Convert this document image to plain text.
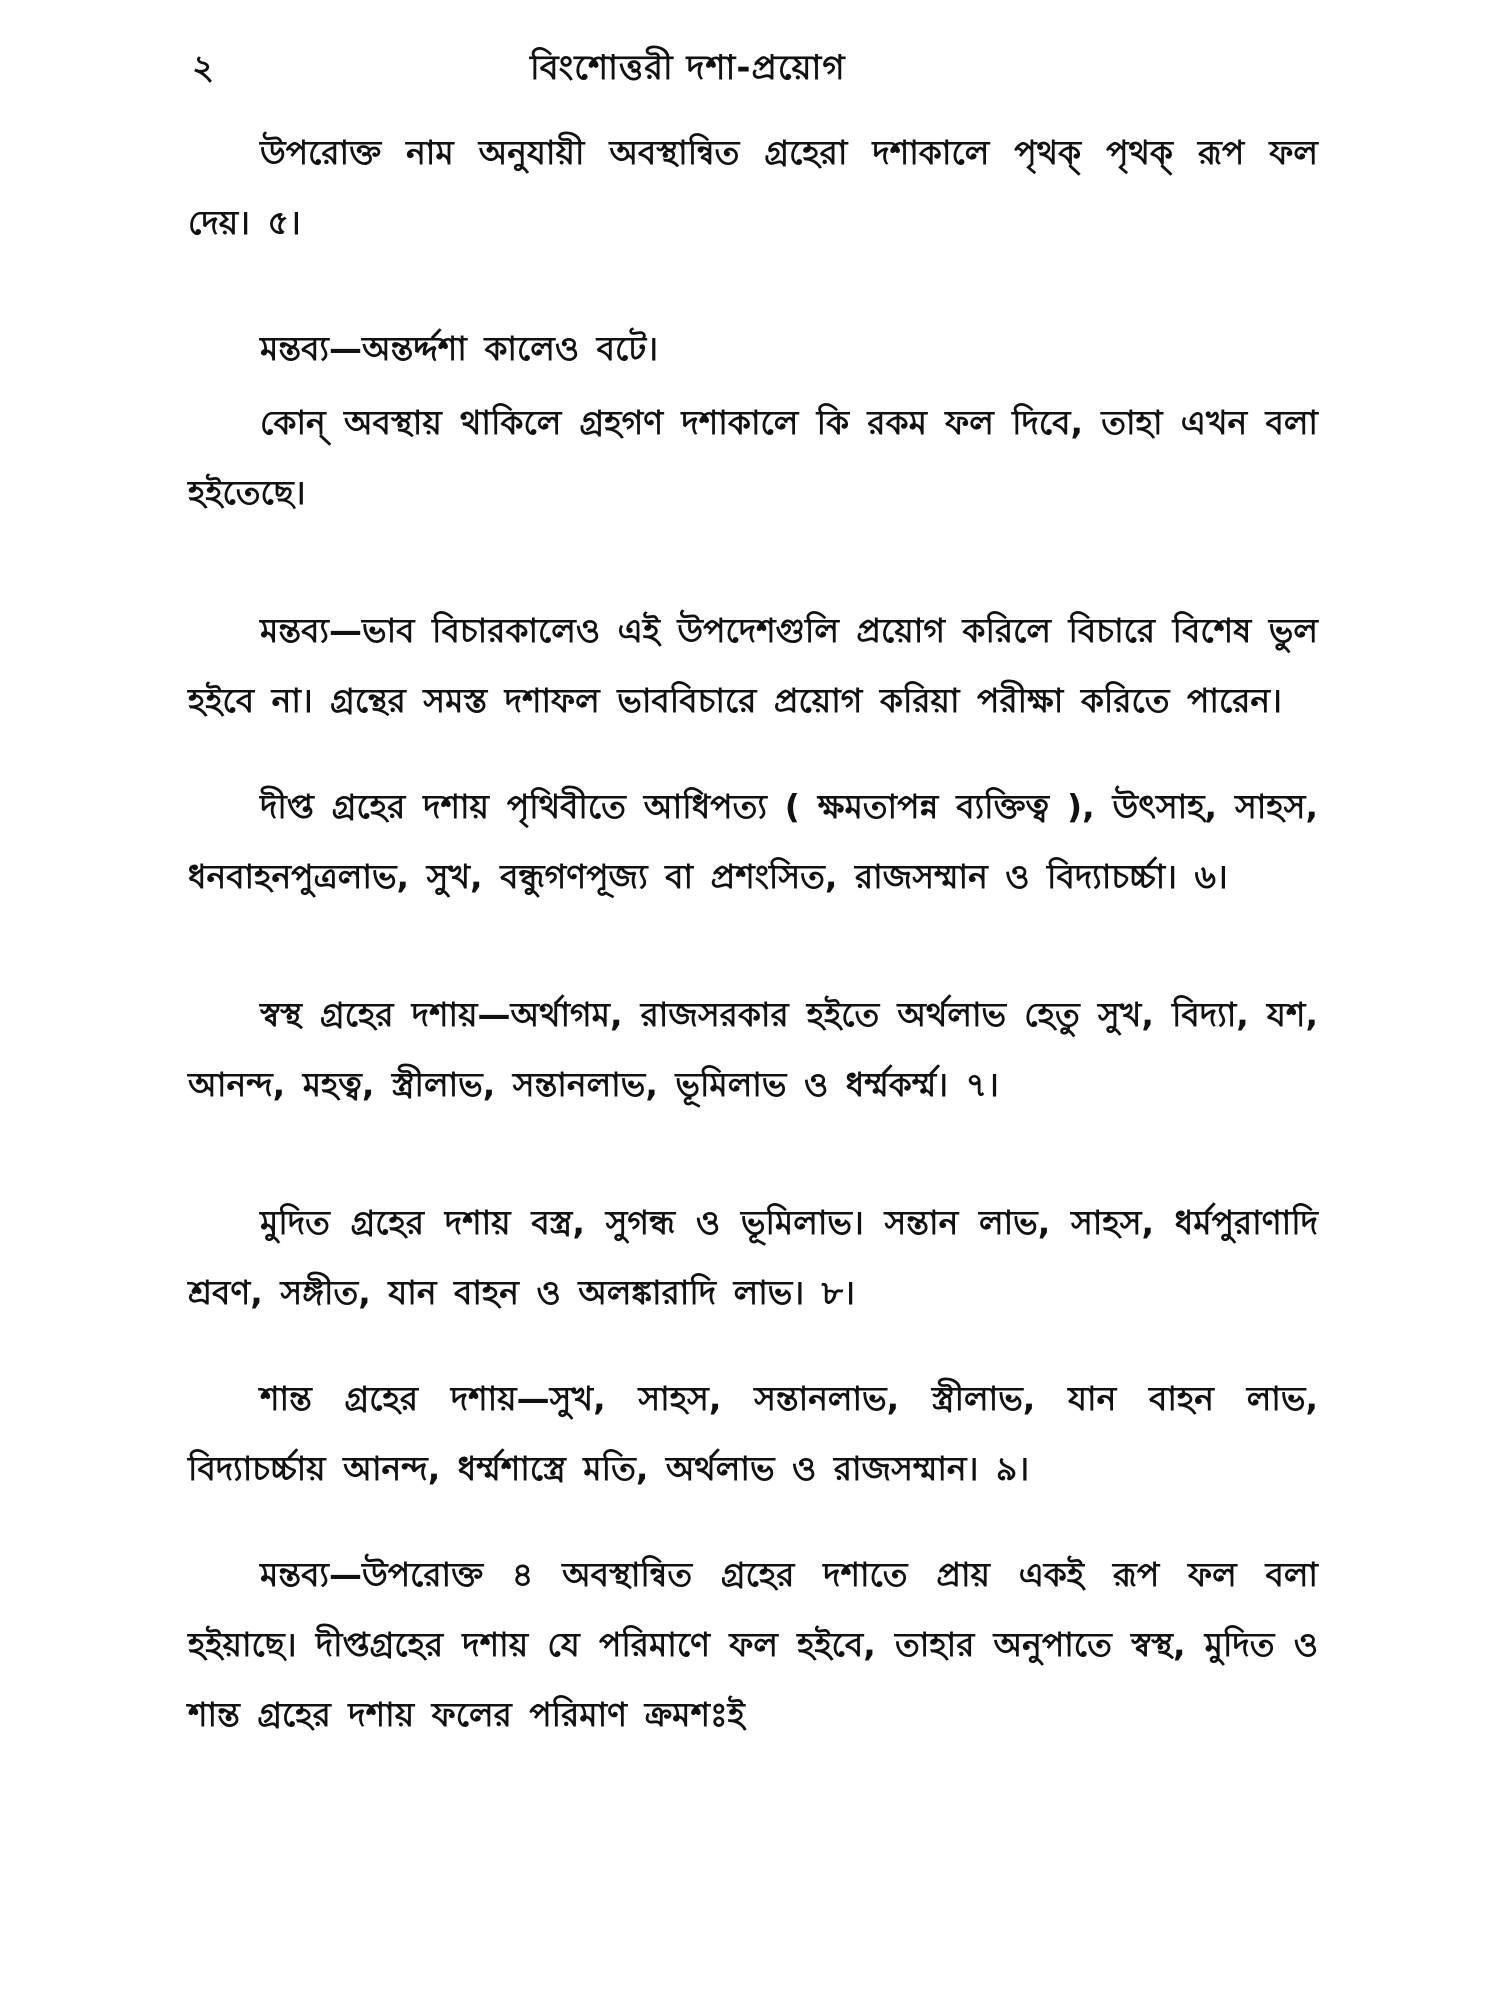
২	বিংশোত্তরী দশা-প্রয়োগ

উপরোক্ত নাম অনুযায়ী অবস্থান্বিত গ্রহেরা দশাকালে পৃথক্ পৃথক্ রূপ ফল দেয়। ৫।

মন্তব্য—অন্তর্দ্দশা কালেও বটে।

কোন্ অবস্থায় থাকিলে গ্রহগণ দশাকালে কি রকম ফল দিবে, তাহা এখন বলা হইতেছে।

মন্তব্য—ভাব বিচারকালেও এই উপদেশগুলি প্রয়োগ করিলে বিচারে বিশেষ ভুল হইবে না। গ্রন্থের সমস্ত দশাফল ভাববিচারে প্রয়োগ করিয়া পরীক্ষা করিতে পারেন।

দীপ্ত গ্রহের দশায় পৃথিবীতে আধিপত্য ( ক্ষমতাপন্ন ব্যক্তিত্ব ), উৎসাহ, সাহস, ধনবাহনপুত্রলাভ, সুখ, বন্ধুগণপূজ্য বা প্রশংসিত, রাজসম্মান ও বিদ্যাচর্চ্চা। ৬।

স্বস্থ গ্রহের দশায়—অর্থাগম, রাজসরকার হইতে অর্থলাভ হেতু সুখ, বিদ্যা, যশ, আনন্দ, মহত্ব, স্ত্রীলাভ, সন্তানলাভ, ভূমিলাভ ও ধর্ম্মকর্ম্ম। ৭।

মুদিত গ্রহের দশায় বস্ত্র, সুগন্ধ ও ভূমিলাভ। সন্তান লাভ, সাহস, ধর্মপুরাণাদি শ্রবণ, সঙ্গীত, যান বাহন ও অলঙ্কারাদি লাভ। ৮।

শান্ত গ্রহের দশায়—সুখ, সাহস, সন্তানলাভ, স্ত্রীলাভ, যান বাহন লাভ, বিদ্যাচর্চ্চায় আনন্দ, ধর্ম্মশাস্ত্রে মতি, অর্থলাভ ও রাজসম্মান। ৯।

মন্তব্য—উপরোক্ত ৪ অবস্থান্বিত গ্রহের দশাতে প্রায় একই রূপ ফল বলা হইয়াছে। দীপ্তগ্রহের দশায় যে পরিমাণে ফল হইবে, তাহার অনুপাতে স্বস্থ, মুদিত ও শান্ত গ্রহের দশায় ফলের পরিমাণ ক্রমশঃই
